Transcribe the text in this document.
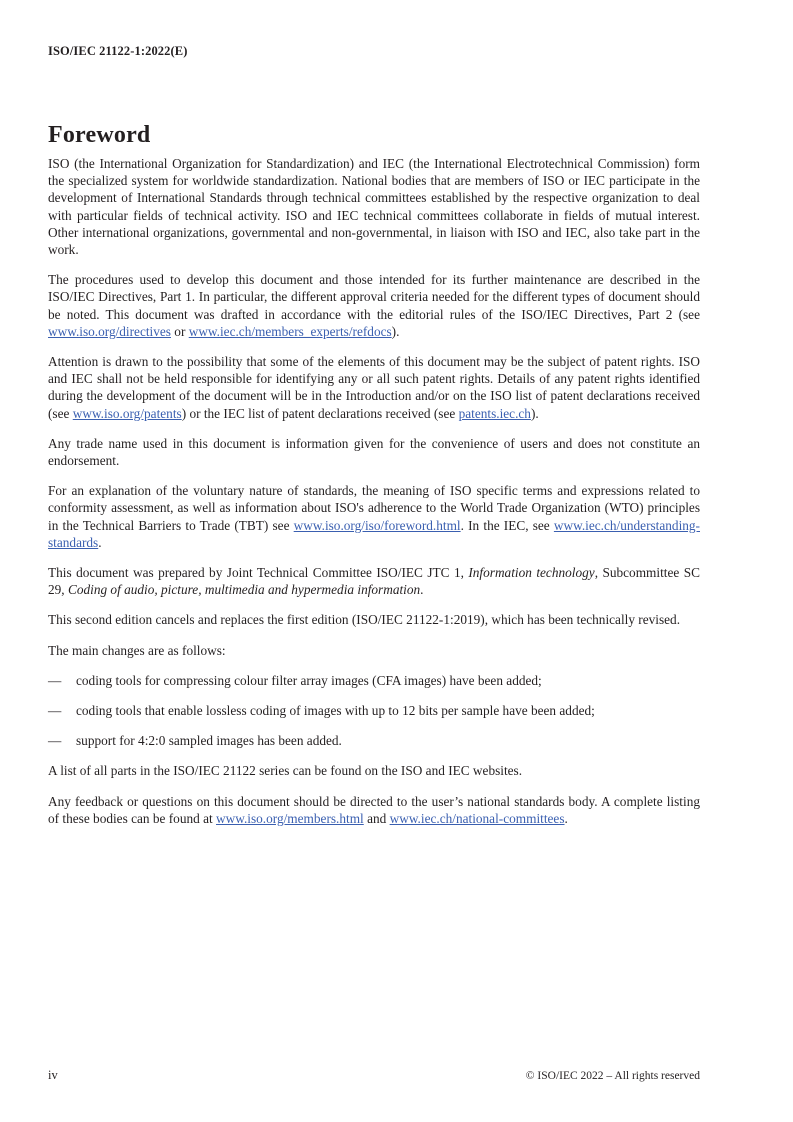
ISO/IEC 21122-1:2022(E)
Foreword

ISO (the International Organization for Standardization) and IEC (the International Electrotechnical Commission) form the specialized system for worldwide standardization. National bodies that are members of ISO or IEC participate in the development of International Standards through technical committees established by the respective organization to deal with particular fields of technical activity. ISO and IEC technical committees collaborate in fields of mutual interest. Other international organizations, governmental and non-governmental, in liaison with ISO and IEC, also take part in the work.

The procedures used to develop this document and those intended for its further maintenance are described in the ISO/IEC Directives, Part 1. In particular, the different approval criteria needed for the different types of document should be noted. This document was drafted in accordance with the editorial rules of the ISO/IEC Directives, Part 2 (see www.iso.org/directives or www.iec.ch/members_experts/refdocs).

Attention is drawn to the possibility that some of the elements of this document may be the subject of patent rights. ISO and IEC shall not be held responsible for identifying any or all such patent rights. Details of any patent rights identified during the development of the document will be in the Introduction and/or on the ISO list of patent declarations received (see www.iso.org/patents) or the IEC list of patent declarations received (see patents.iec.ch).

Any trade name used in this document is information given for the convenience of users and does not constitute an endorsement.

For an explanation of the voluntary nature of standards, the meaning of ISO specific terms and expressions related to conformity assessment, as well as information about ISO's adherence to the World Trade Organization (WTO) principles in the Technical Barriers to Trade (TBT) see www.iso.org/iso/foreword.html. In the IEC, see www.iec.ch/understanding-standards.

This document was prepared by Joint Technical Committee ISO/IEC JTC 1, Information technology, Subcommittee SC 29, Coding of audio, picture, multimedia and hypermedia information.

This second edition cancels and replaces the first edition (ISO/IEC 21122-1:2019), which has been technically revised.

The main changes are as follows:

— coding tools for compressing colour filter array images (CFA images) have been added;
— coding tools that enable lossless coding of images with up to 12 bits per sample have been added;
— support for 4:2:0 sampled images has been added.

A list of all parts in the ISO/IEC 21122 series can be found on the ISO and IEC websites.

Any feedback or questions on this document should be directed to the user’s national standards body. A complete listing of these bodies can be found at www.iso.org/members.html and www.iec.ch/national-committees.

iv	© ISO/IEC 2022 – All rights reserved
